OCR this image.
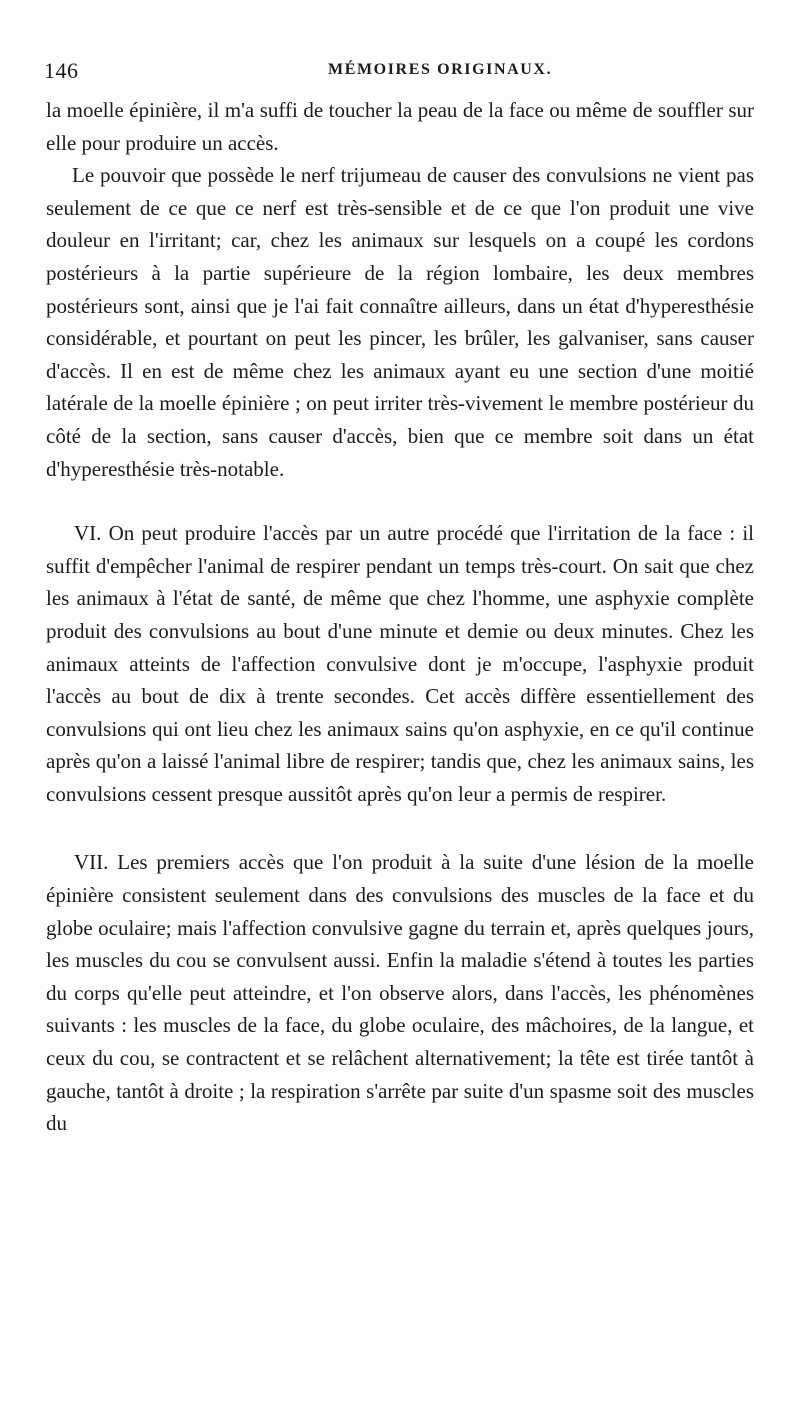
146	MÉMOIRES ORIGINAUX.

la moelle épinière, il m'a suffi de toucher la peau de la face ou même de souffler sur elle pour produire un accès.

Le pouvoir que possède le nerf trijumeau de causer des convulsions ne vient pas seulement de ce que ce nerf est très-sensible et de ce que l'on produit une vive douleur en l'irritant; car, chez les animaux sur lesquels on a coupé les cordons postérieurs à la partie supérieure de la région lombaire, les deux membres postérieurs sont, ainsi que je l'ai fait connaître ailleurs, dans un état d'hyperesthésie considérable, et pourtant on peut les pincer, les brûler, les galvaniser, sans causer d'accès. Il en est de même chez les animaux ayant eu une section d'une moitié latérale de la moelle épinière ; on peut irriter très-vivement le membre postérieur du côté de la section, sans causer d'accès, bien que ce membre soit dans un état d'hyperesthésie très-notable.

VI. On peut produire l'accès par un autre procédé que l'irritation de la face : il suffit d'empêcher l'animal de respirer pendant un temps très-court. On sait que chez les animaux à l'état de santé, de même que chez l'homme, une asphyxie complète produit des convulsions au bout d'une minute et demie ou deux minutes. Chez les animaux atteints de l'affection convulsive dont je m'occupe, l'asphyxie produit l'accès au bout de dix à trente secondes. Cet accès diffère essentiellement des convulsions qui ont lieu chez les animaux sains qu'on asphyxie, en ce qu'il continue après qu'on a laissé l'animal libre de respirer; tandis que, chez les animaux sains, les convulsions cessent presque aussitôt après qu'on leur a permis de respirer.

VII. Les premiers accès que l'on produit à la suite d'une lésion de la moelle épinière consistent seulement dans des convulsions des muscles de la face et du globe oculaire; mais l'affection convulsive gagne du terrain et, après quelques jours, les muscles du cou se convulsent aussi. Enfin la maladie s'étend à toutes les parties du corps qu'elle peut atteindre, et l'on observe alors, dans l'accès, les phénomènes suivants : les muscles de la face, du globe oculaire, des mâchoires, de la langue, et ceux du cou, se contractent et se relâchent alternativement; la tête est tirée tantôt à gauche, tantôt à droite ; la respiration s'arrête par suite d'un spasme soit des muscles du
